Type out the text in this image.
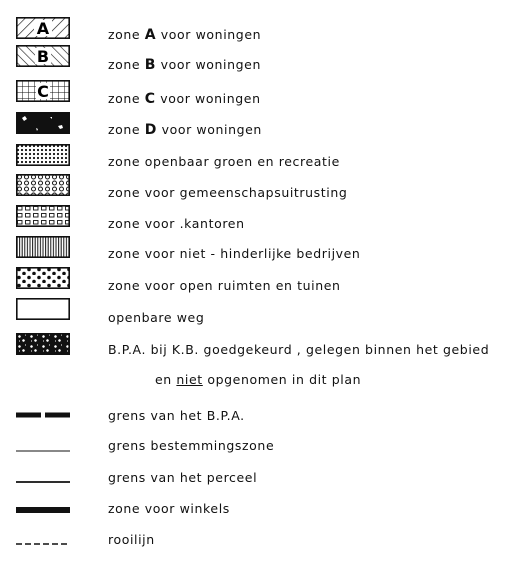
A	zone A voor woningen
B	zone B voor woningen
C	zone C voor woningen
zone D voor woningen
zone openbaar groen en recreatie
zone voor gemeenschapsuitrusting
zone voor .kantoren
zone voor niet - hinderlijke bedrijven
zone voor open ruimten en tuinen
openbare weg
B.P.A. bij K.B. goedgekeurd , gelegen binnen het gebied
en niet opgenomen in dit plan
grens van het B.P.A.
grens bestemmingszone
grens van het perceel
zone voor winkels
rooilijn
